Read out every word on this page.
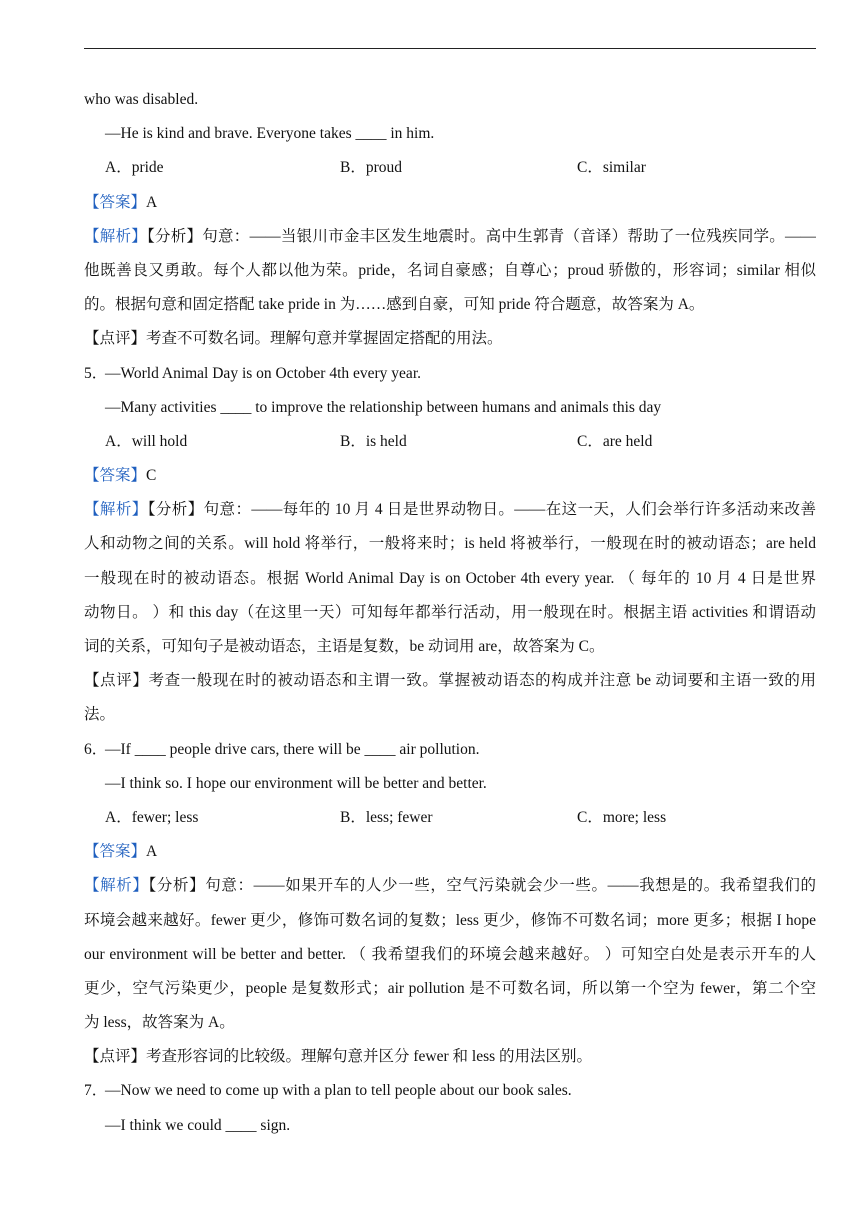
who was disabled.
—He is kind and brave. Everyone takes ____ in him.
A．pride	B．proud	C．similar
【答案】A
【解析】【分析】句意：——当银川市金丰区发生地震时。高中生郭青（音译）帮助了一位残疾同学。——
他既善良又勇敢。每个人都以他为荣。pride，名词自豪感；自尊心；proud 骄傲的，形容词；similar 相似
的。根据句意和固定搭配 take pride in 为……感到自豪，可知 pride 符合题意，故答案为 A。
【点评】考查不可数名词。理解句意并掌握固定搭配的用法。
5．—World Animal Day is on October 4th every year.
—Many activities ____ to improve the relationship between humans and animals this day
A．will hold	B．is held	C．are held
【答案】C
【解析】【分析】句意：——每年的 10 月 4 日是世界动物日。——在这一天，人们会举行许多活动来改善
人和动物之间的关系。will hold 将举行，一般将来时；is held 将被举行，一般现在时的被动语态；are held
一般现在时的被动语态。根据 World Animal Day is on October 4th every year. （ 每年的 10 月 4 日是世界
动物日。 ）和 this day（在这里一天）可知每年都举行活动，用一般现在时。根据主语 activities 和谓语动
词的关系，可知句子是被动语态，主语是复数，be 动词用 are，故答案为 C。
【点评】考查一般现在时的被动语态和主谓一致。掌握被动语态的构成并注意 be 动词要和主语一致的用
法。
6．—If ____ people drive cars, there will be ____ air pollution.
—I think so. I hope our environment will be better and better.
A．fewer; less	B．less; fewer	C．more; less
【答案】A
【解析】【分析】句意：——如果开车的人少一些，空气污染就会少一些。——我想是的。我希望我们的
环境会越来越好。fewer 更少，修饰可数名词的复数；less 更少，修饰不可数名词；more 更多；根据 I hope
our environment will be better and better. （ 我希望我们的环境会越来越好。 ）可知空白处是表示开车的人
更少，空气污染更少，people 是复数形式；air pollution 是不可数名词，所以第一个空为 fewer，第二个空
为 less，故答案为 A。
【点评】考查形容词的比较级。理解句意并区分 fewer 和 less 的用法区别。
7．—Now we need to come up with a plan to tell people about our book sales.
—I think we could ____ sign.
